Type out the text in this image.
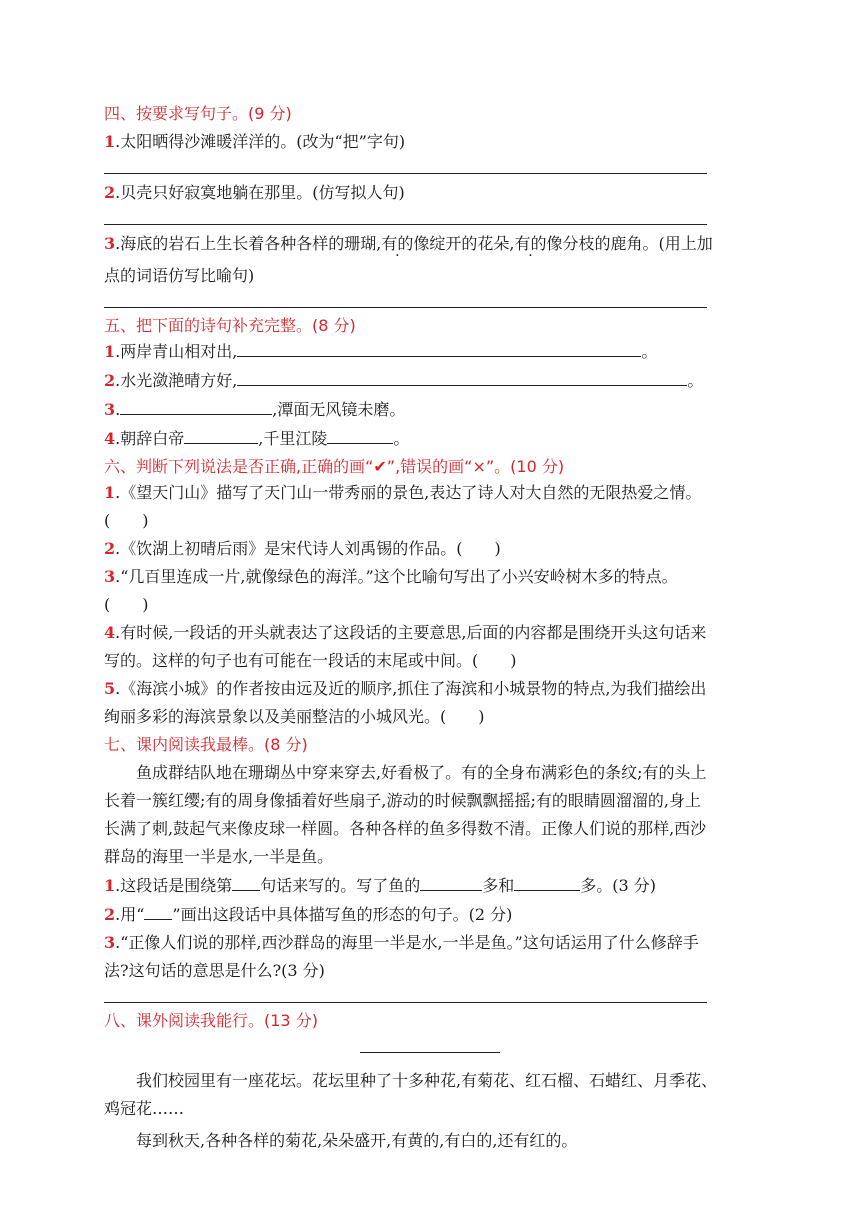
四、按要求写句子。(9 分)
1.太阳晒得沙滩暖洋洋的。(改为“把”字句)
2.贝壳只好寂寞地躺在那里。(仿写拟人句)
3.海底的岩石上生长着各种各样的珊瑚,有的像绽开的花朵,有的像分枝的鹿角。(用上加
点的词语仿写比喻句)
五、把下面的诗句补充完整。(8 分)
1.两岸青山相对出,	。
2.水光潋滟晴方好,	。
3.	,潭面无风镜未磨。
4.朝辞白帝	,千里江陵	。
六、判断下列说法是否正确,正确的画“✔”,错误的画“×”。(10 分)
1.《望天门山》描写了天门山一带秀丽的景色,表达了诗人对大自然的无限热爱之情。
(　　)
2.《饮湖上初晴后雨》是宋代诗人刘禹锡的作品。(　　)
3.“几百里连成一片,就像绿色的海洋。”这个比喻句写出了小兴安岭树木多的特点。
(　　)
4.有时候,一段话的开头就表达了这段话的主要意思,后面的内容都是围绕开头这句话来
写的。这样的句子也有可能在一段话的末尾或中间。(　　)
5.《海滨小城》的作者按由远及近的顺序,抓住了海滨和小城景物的特点,为我们描绘出
绚丽多彩的海滨景象以及美丽整洁的小城风光。(　　)
七、课内阅读我最棒。(8 分)
鱼成群结队地在珊瑚丛中穿来穿去,好看极了。有的全身布满彩色的条纹;有的头上
长着一簇红缨;有的周身像插着好些扇子,游动的时候飘飘摇摇;有的眼睛圆溜溜的,身上
长满了刺,鼓起气来像皮球一样圆。各种各样的鱼多得数不清。正像人们说的那样,西沙
群岛的海里一半是水,一半是鱼。
1.这段话是围绕第 句话来写的。写了鱼的	多和	多。(3 分)
2.用“ ”画出这段话中具体描写鱼的形态的句子。(2 分)
3.“正像人们说的那样,西沙群岛的海里一半是水,一半是鱼。”这句话运用了什么修辞手
法?这句话的意思是什么?(3 分)
八、课外阅读我能行。(13 分)
我们校园里有一座花坛。花坛里种了十多种花,有菊花、红石榴、石蜡红、月季花、
鸡冠花……
每到秋天,各种各样的菊花,朵朵盛开,有黄的,有白的,还有红的。
